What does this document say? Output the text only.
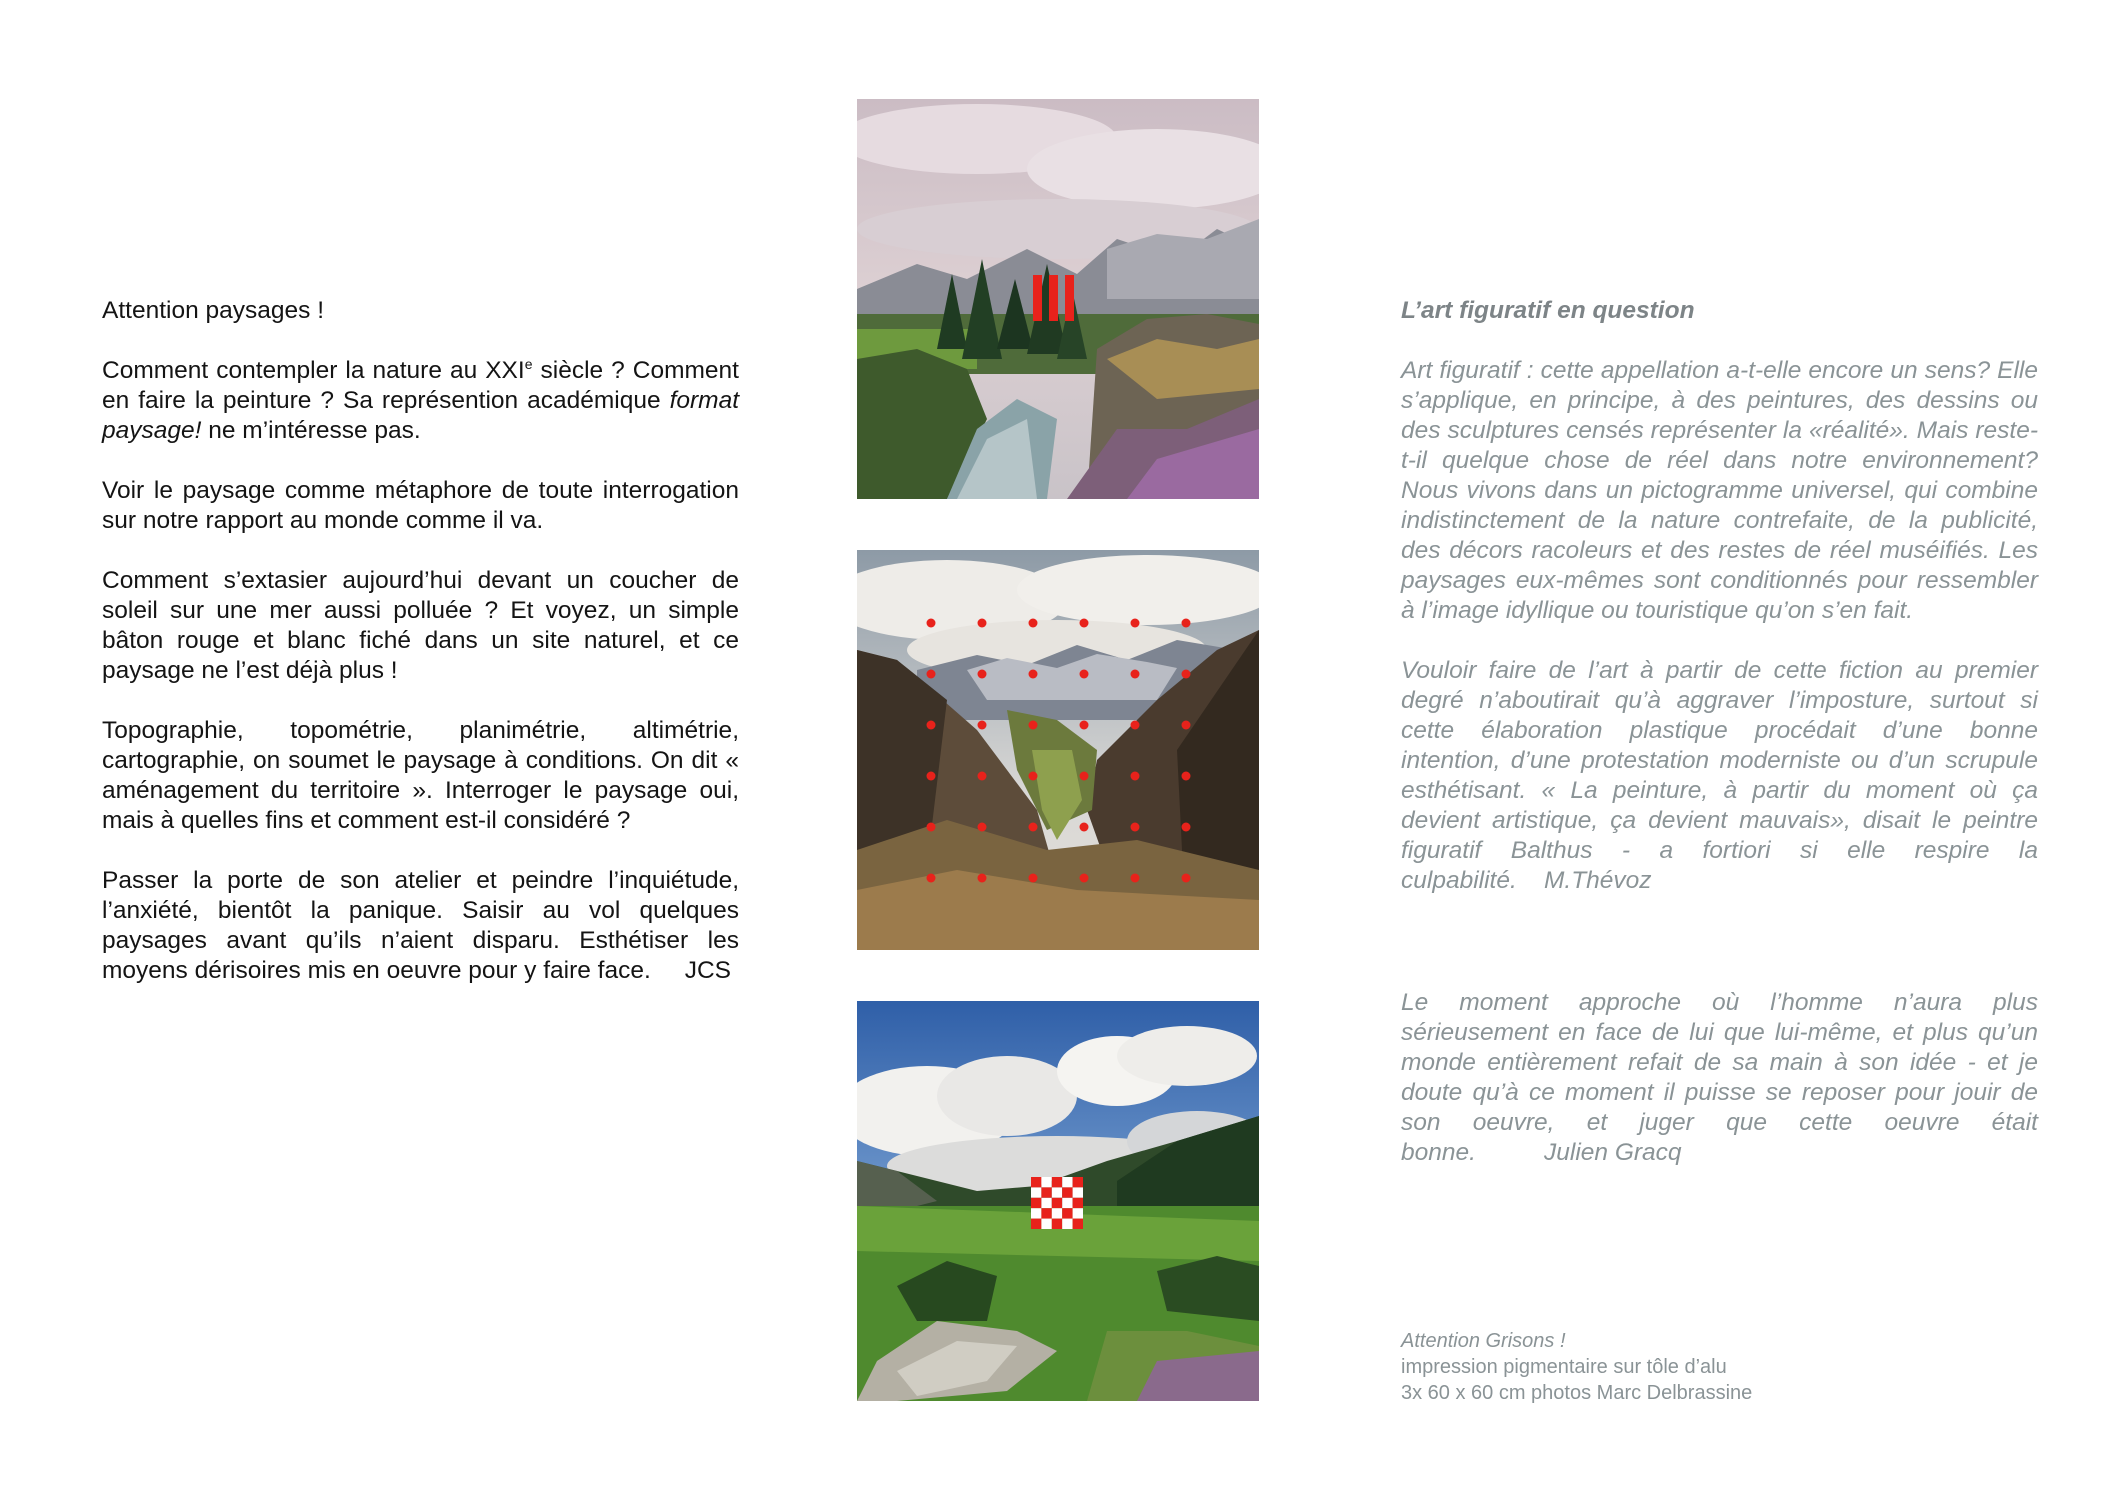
Attention paysages !

Comment contempler la nature au XXIe siècle ? Comment en faire la peinture ? Sa représention académique format paysage! ne m’intéresse pas.

Voir le paysage comme métaphore de toute interrogation sur notre rapport au monde comme il va.

Comment s’extasier aujourd’hui devant un coucher de soleil sur une mer aussi polluée ? Et voyez, un simple bâton rouge et blanc fiché dans un site naturel, et ce paysage ne l’est déjà plus !

Topographie, topométrie, planimétrie, altimétrie, cartographie, on soumet le paysage à conditions. On dit « aménagement du territoire ». Interroger le paysage oui, mais à quelles fins et comment est-il considéré ?

Passer la porte de son atelier et peindre l’inquiétude, l’anxiété, bientôt la panique. Saisir au vol quelques paysages avant qu’ils n’aient disparu. Esthétiser les moyens dérisoires mis en oeuvre pour y faire face. JCS

L’art figuratif en question

Art figuratif : cette appellation a-t-elle encore un sens? Elle s’applique, en principe, à des peintures, des dessins ou des sculptures censés représenter la «réalité». Mais reste-t-il quelque chose de réel dans notre environnement? Nous vivons dans un pictogramme universel, qui combine indistinctement de la nature contrefaite, de la publicité, des décors racoleurs et des restes de réel muséifiés. Les paysages eux-mêmes sont conditionnés pour ressembler à l’image idyllique ou touristique qu’on s’en fait.

Vouloir faire de l’art à partir de cette fiction au premier degré n’aboutirait qu’à aggraver l’imposture, surtout si cette élaboration plastique procédait d’une bonne intention, d’une protestation moderniste ou d’un scrupule esthétisant. « La peinture, à partir du moment où ça devient artistique, ça devient mauvais», disait le peintre figuratif Balthus - a fortiori si elle respire la culpabilité. M.Thévoz

Le moment approche où l’homme n’aura plus sérieusement en face de lui que lui-même, et plus qu’un monde entièrement refait de sa main à son idée - et je doute qu’à ce moment il puisse se reposer pour jouir de son oeuvre, et juger que cette oeuvre était bonne.	Julien Gracq

Attention Grisons !
impression pigmentaire sur tôle d’alu
3x 60 x 60 cm photos Marc Delbrassine
